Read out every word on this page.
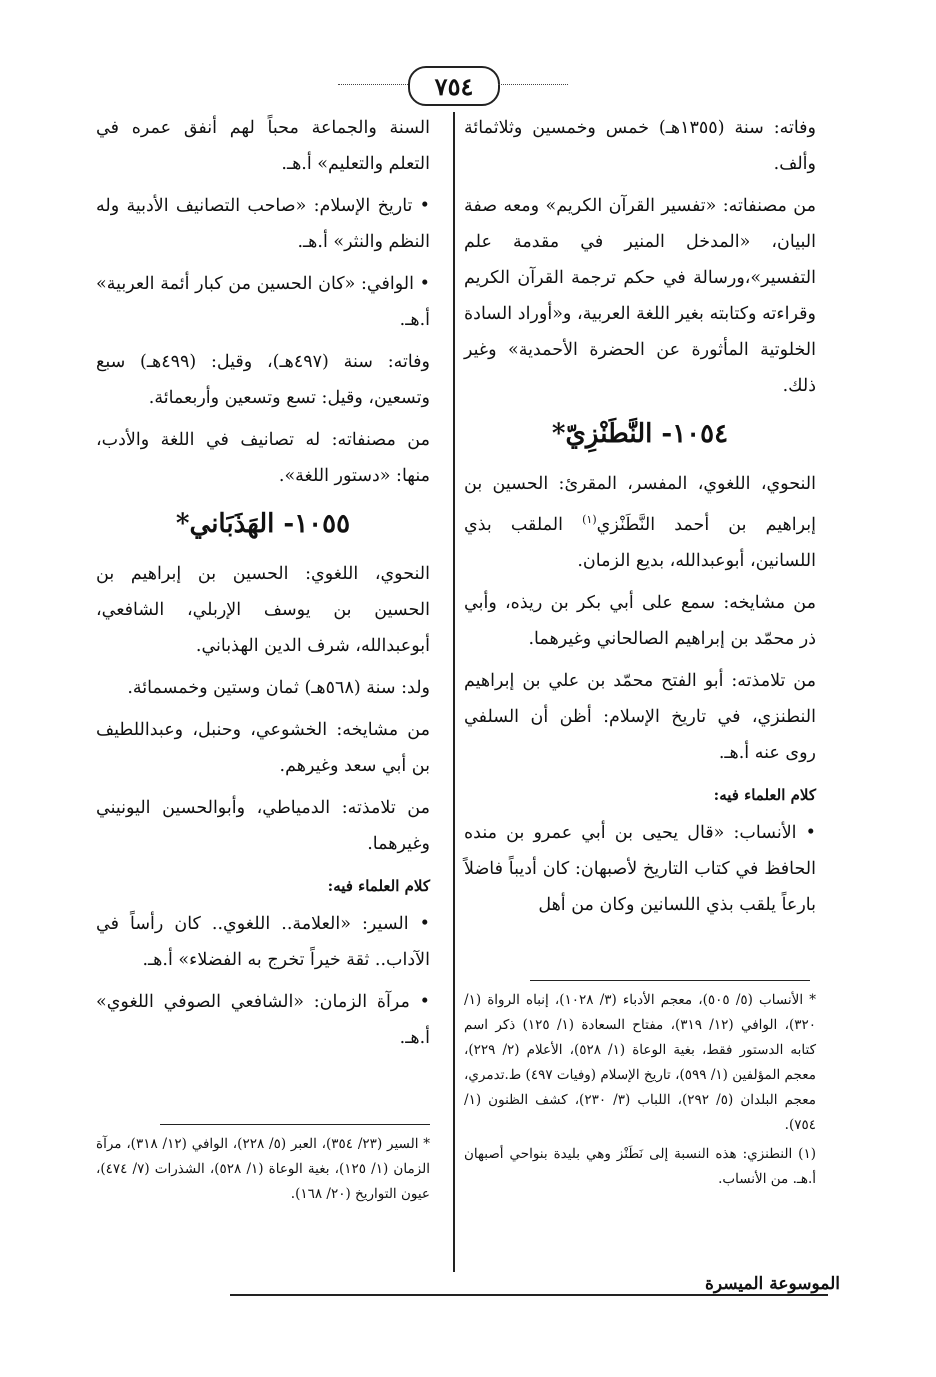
٧٥٤

وفاته: سنة (١٣٥٥هـ) خمس وخمسين وثلاثمائة وألف.

من مصنفاته: «تفسير القرآن الكريم» ومعه صفة البيان، «المدخل المنير في مقدمة علم التفسير»،ورسالة في حكم ترجمة القرآن الكريم وقراءته وكتابته بغير اللغة العربية، و«أوراد السادة الخلوتية المأثورة عن الحضرة الأحمدية» وغير ذلك.

١٠٥٤- النَّطَنْزِيّ*

النحوي، اللغوي، المفسر، المقرئ: الحسين بن إبراهيم بن أحمد النَّطَنْزي$^{(١)}$ الملقب بذي اللسانين، أبوعبدالله، بديع الزمان.

من مشايخه: سمع على أبي بكر بن ريذه، وأبي ذر محمّد بن إبراهيم الصالحاني وغيرهما.

من تلامذته: أبو الفتح محمّد بن علي بن إبراهيم النطنزي، في تاريخ الإسلام: أظن أن السلفي روى عنه أ.هـ.

كلام العلماء فيه:

• الأنساب: «قال يحيى بن أبي عمرو بن منده الحافظ في كتاب التاريخ لأصبهان: كان أديباً فاضلاً بارعاً يلقب بذي اللسانين وكان من أهل

* الأنساب (٥/ ٥٠٥)، معجم الأدباء (٣/ ١٠٢٨)، إنباه الرواة (١/ ٣٢٠)، الوافي (١٢/ ٣١٩)، مفتاح السعادة (١/ ١٢٥) ذكر اسم كتابه الدستور فقط، بغية الوعاة (١/ ٥٢٨)، الأعلام (٢/ ٢٢٩)، معجم المؤلفين (١/ ٥٩٩)، تاريخ الإسلام (وفيات ٤٩٧) ط.تدمري، معجم البلدان (٥/ ٢٩٢)، اللباب (٣/ ٢٣٠)، كشف الظنون (١/ ٧٥٤).

(١) النطنزي: هذه النسبة إلى نَطَنْز وهي بليدة بنواحي أصبهان أ.هـ. من الأنساب.

السنة والجماعة محباً لهم أنفق عمره في التعلم والتعليم» أ.هـ.

• تاريخ الإسلام: «صاحب التصانيف الأدبية وله النظم والنثر» أ.هـ.

• الوافي: «كان الحسين من كبار أئمة العربية» أ.هـ.

وفاته: سنة (٤٩٧هـ)، وقيل: (٤٩٩هـ) سبع وتسعين، وقيل: تسع وتسعين وأربعمائة.

من مصنفاته: له تصانيف في اللغة والأدب، منها: «دستور اللغة».

١٠٥٥- الهَذَبَاني*

النحوي، اللغوي: الحسين بن إبراهيم بن الحسين بن يوسف الإربلي، الشافعي، أبوعبدالله، شرف الدين الهذباني.

ولد: سنة (٥٦٨هـ) ثمان وستين وخمسمائة.

من مشايخه: الخشوعي، وحنبل، وعبداللطيف بن أبي سعد وغيرهم.

من تلامذته: الدمياطي، وأبوالحسين اليونيني وغيرهما.

كلام العلماء فيه:

• السير: «العلامة.. اللغوي.. كان رأساً في الآداب.. ثقة خيراً تخرج به الفضلاء» أ.هـ.

• مرآة الزمان: «الشافعي الصوفي اللغوي» أ.هـ.

* السير (٢٣/ ٣٥٤)، العبر (٥/ ٢٢٨)، الوافي (١٢/ ٣١٨)، مرآة الزمان (١/ ١٢٥)، بغية الوعاة (١/ ٥٢٨)، الشذرات (٧/ ٤٧٤)، عيون التواريخ (٢٠/ ١٦٨).

الموسوعة الميسرة
